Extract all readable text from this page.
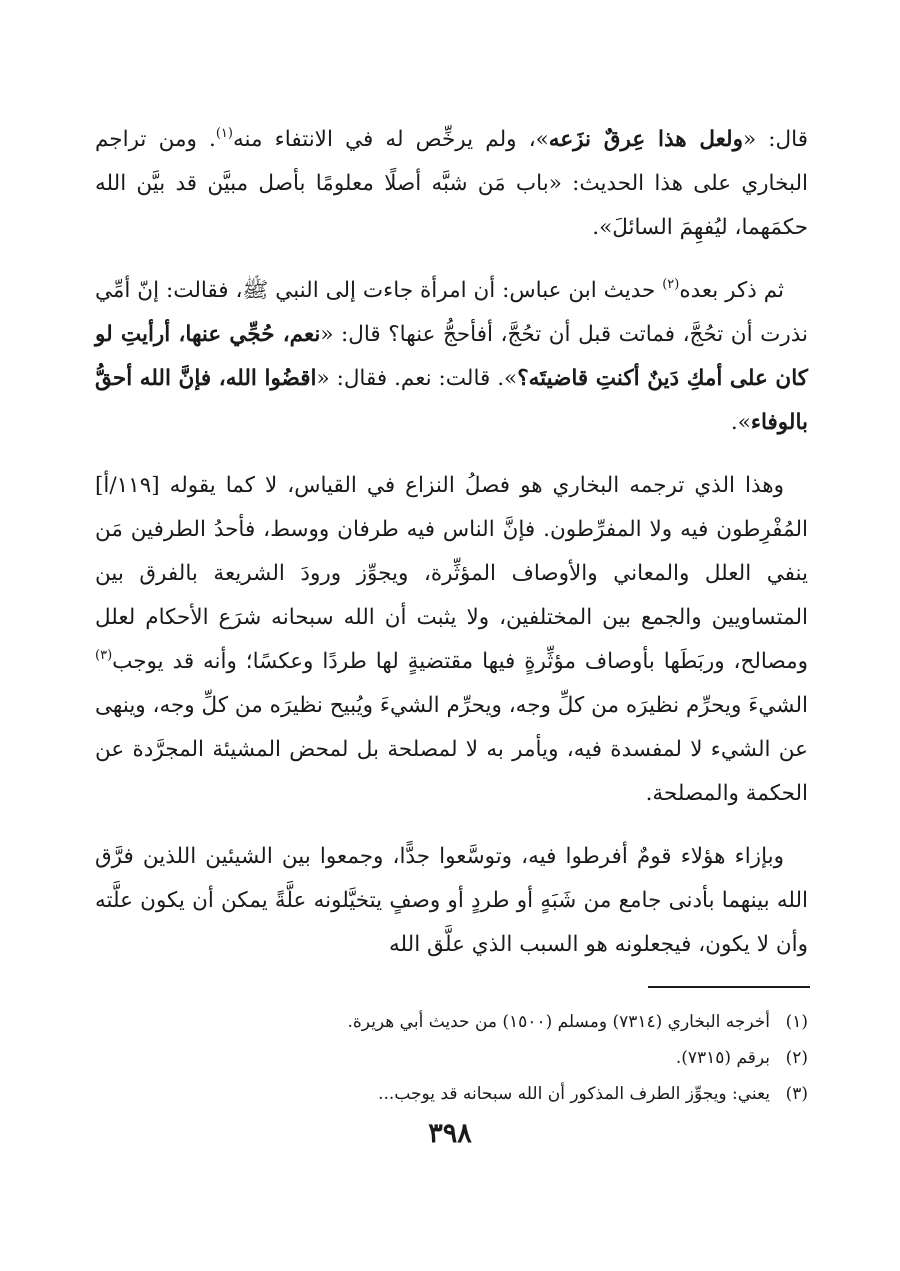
قال: «ولعل هذا عِرقٌ نزَعه»، ولم يرخِّص له في الانتفاء منه$^{(١)}$. ومن تراجم البخاري على هذا الحديث: «باب مَن شبَّه أصلًا معلومًا بأصل مبيَّن قد بيَّن الله حكمَهما، ليُفهِمَ السائلَ».

ثم ذكر بعده$^{(٢)}$ حديث ابن عباس: أن امرأة جاءت إلى النبي ﷺ، فقالت: إنّ أمِّي نذرت أن تحُجَّ، فماتت قبل أن تحُجَّ، أفأحجُّ عنها؟ قال: «نعم، حُجِّي عنها، أرأيتِ لو كان على أمكِ دَينٌ أكنتِ قاضيتَه؟». قالت: نعم. فقال: «اقضُوا الله، فإنَّ الله أحقُّ بالوفاء».

وهذا الذي ترجمه البخاري هو فصلُ النزاع في القياس، لا كما يقوله [١١٩/أ] المُفْرِطون فيه ولا المفرِّطون. فإنَّ الناس فيه طرفان ووسط، فأحدُ الطرفين مَن ينفي العلل والمعاني والأوصاف المؤثِّرة، ويجوِّز ورودَ الشريعة بالفرق بين المتساويين والجمع بين المختلفين، ولا يثبت أن الله سبحانه شرَع الأحكام لعلل ومصالح، وربَطَها بأوصاف مؤثِّرةٍ فيها مقتضيةٍ لها طردًا وعكسًا؛ وأنه قد يوجب$^{(٣)}$ الشيءَ ويحرِّم نظيرَه من كلِّ وجه، ويحرِّم الشيءَ ويُبيح نظيرَه من كلِّ وجه، وينهى عن الشيء لا لمفسدة فيه، ويأمر به لا لمصلحة بل لمحض المشيئة المجرَّدة عن الحكمة والمصلحة.

وبإزاء هؤلاء قومٌ أفرطوا فيه، وتوسَّعوا جدًّا، وجمعوا بين الشيئين اللذين فرَّق الله بينهما بأدنى جامع من شَبَهٍ أو طردٍ أو وصفٍ يتخيَّلونه علَّةً يمكن أن يكون علَّته وأن لا يكون، فيجعلونه هو السبب الذي علَّق الله

(١)أخرجه البخاري (٧٣١٤) ومسلم (١٥٠٠) من حديث أبي هريرة.

(٢)برقم (٧٣١٥).

(٣)يعني: ويجوِّز الطرف المذكور أن الله سبحانه قد يوجب...

٣٩٨
